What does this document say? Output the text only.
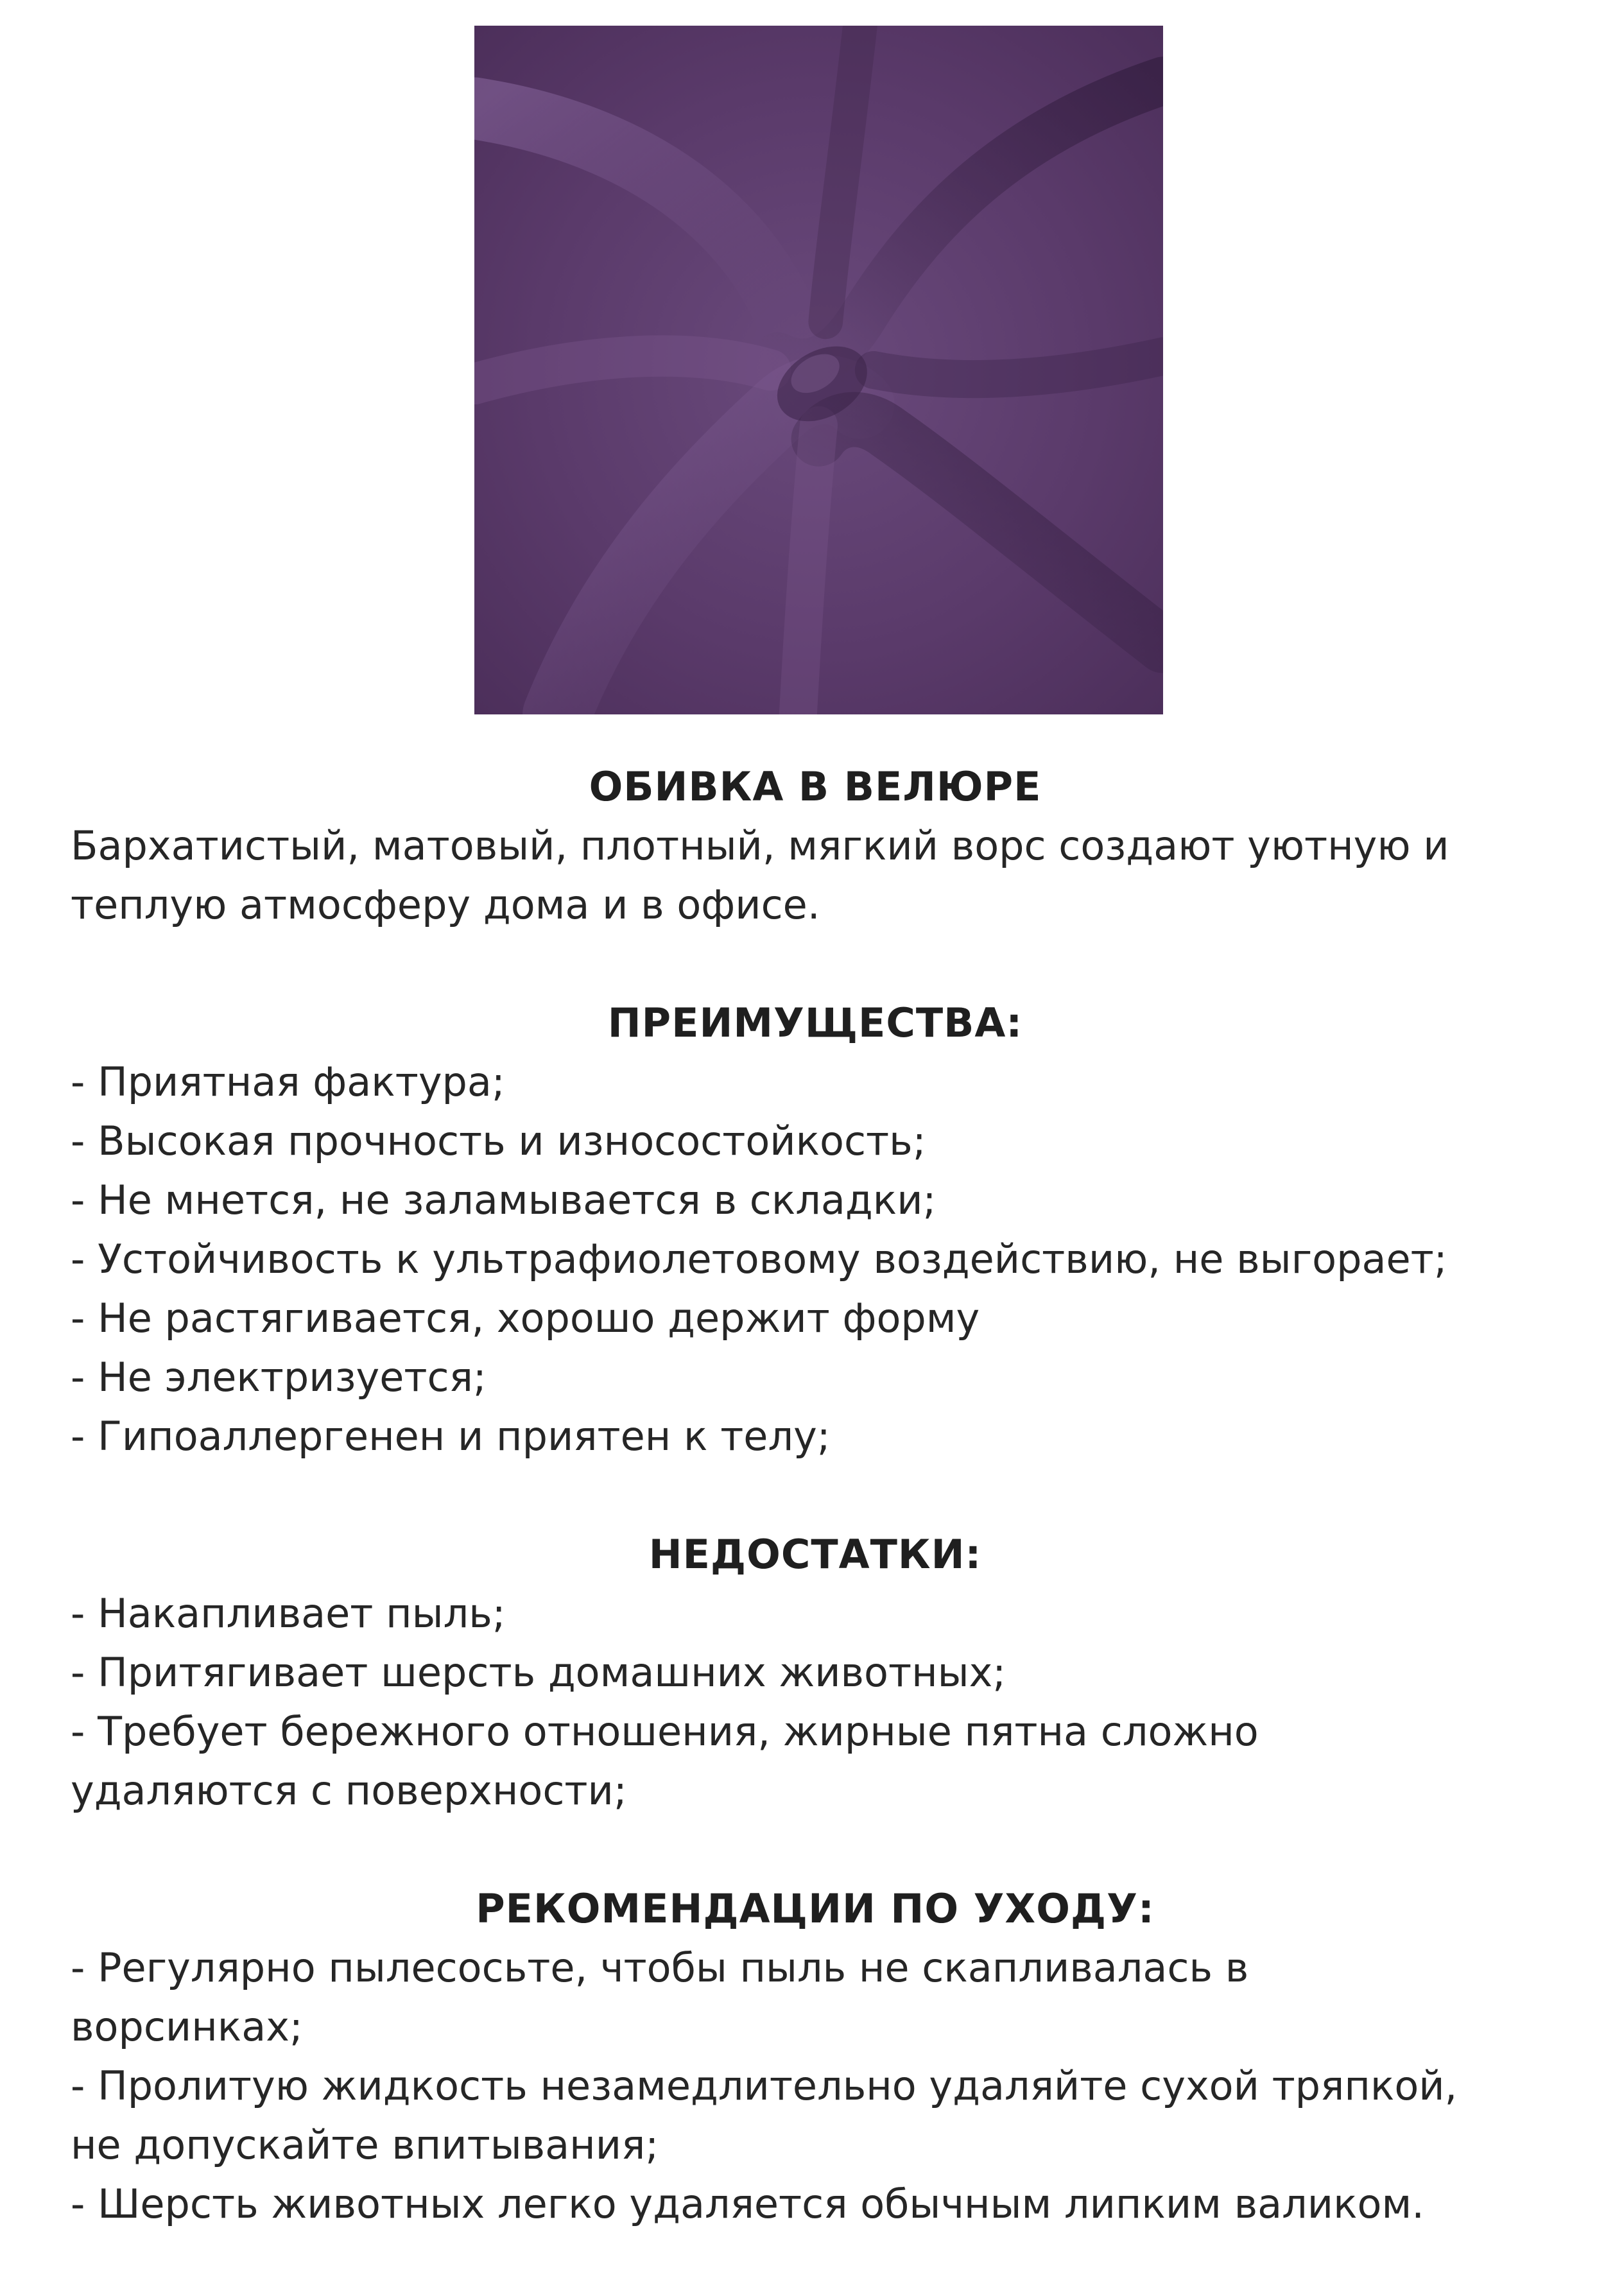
ОБИВКА В ВЕЛЮРЕ

Бархатистый, матовый, плотный, мягкий ворс создают уютную и

теплую атмосферу дома и в офисе.

ПРЕИМУЩЕСТВА:

- Приятная фактура;

- Высокая прочность и износостойкость;

- Не мнется, не заламывается в складки;

- Устойчивость к ультрафиолетовому воздействию, не выгорает;

- Не растягивается, хорошо держит форму

- Не электризуется;

- Гипоаллергенен и приятен к телу;

НЕДОСТАТКИ:

- Накапливает пыль;

- Притягивает шерсть домашних животных;

- Требует бережного отношения, жирные пятна сложно

удаляются с поверхности;

РЕКОМЕНДАЦИИ ПО УХОДУ:

- Регулярно пылесосьте, чтобы пыль не скапливалась в

ворсинках;

- Пролитую жидкость незамедлительно удаляйте сухой тряпкой,

не допускайте впитывания;

- Шерсть животных легко удаляется обычным липким валиком.
